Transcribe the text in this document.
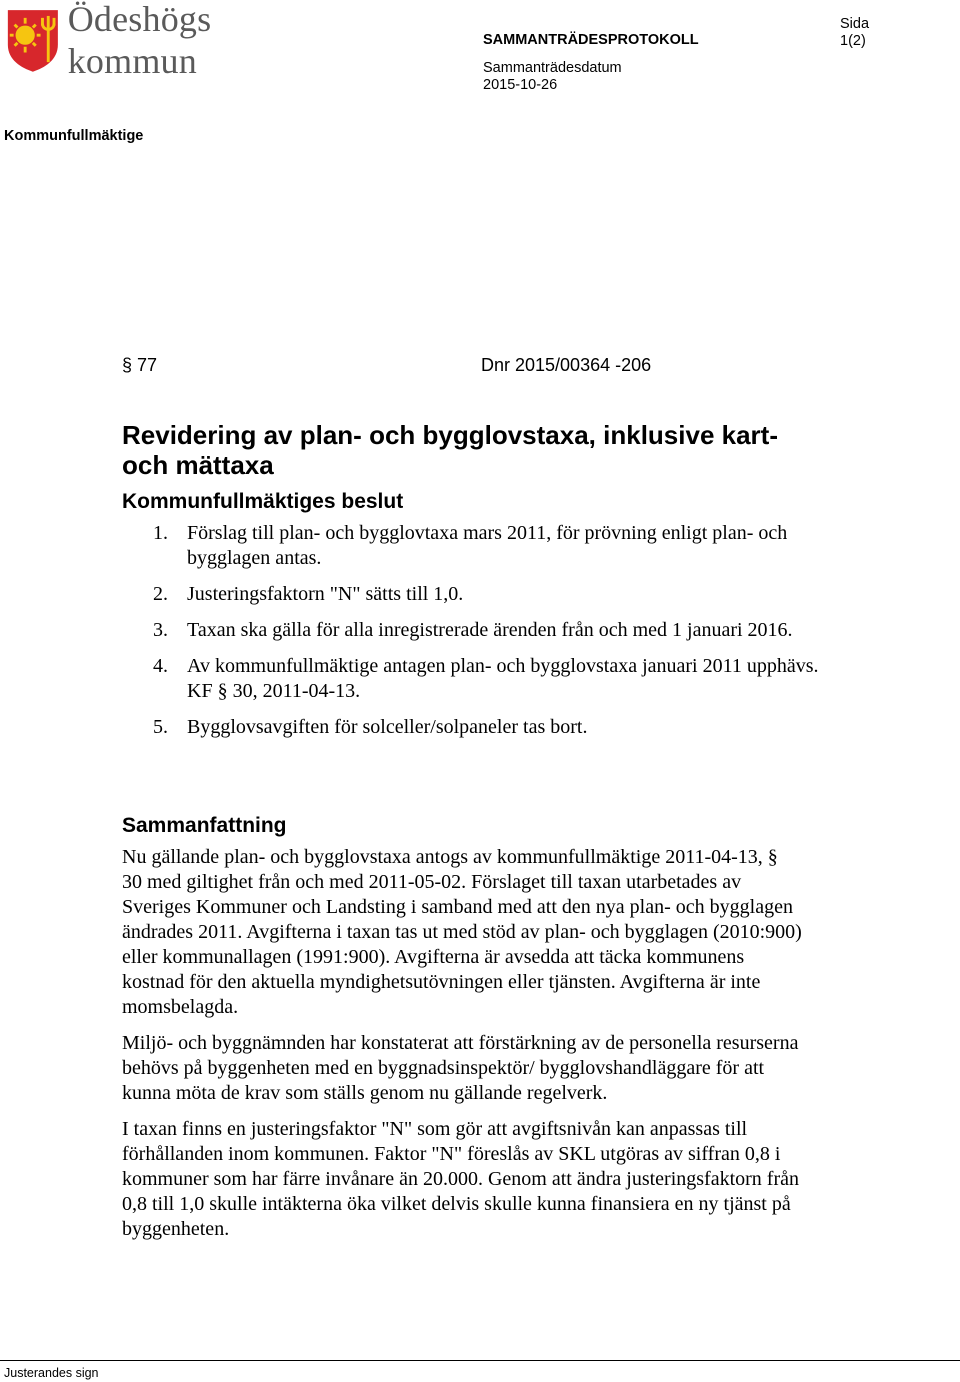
Ödeshögs kommun
SAMMANTRÄDESPROTOKOLL
Sida
1(2)
Sammanträdesdatum
2015-10-26
Kommunfullmäktige
§ 77	Dnr 2015/00364 -206
Revidering av plan- och bygglovstaxa, inklusive kart- och mättaxa
Kommunfullmäktiges beslut
1. Förslag till plan- och bygglovtaxa mars 2011, för prövning enligt plan- och bygglagen antas.
2. Justeringsfaktorn "N" sätts till 1,0.
3. Taxan ska gälla för alla inregistrerade ärenden från och med 1 januari 2016.
4. Av kommunfullmäktige antagen plan- och bygglovstaxa januari 2011 upphävs. KF § 30, 2011-04-13.
5. Bygglovsavgiften för solceller/solpaneler tas bort.
Sammanfattning

Nu gällande plan- och bygglovstaxa antogs av kommunfullmäktige 2011-04-13, § 30 med giltighet från och med 2011-05-02. Förslaget till taxan utarbetades av Sveriges Kommuner och Landsting i samband med att den nya plan- och bygglagen ändrades 2011. Avgifterna i taxan tas ut med stöd av plan- och bygglagen (2010:900) eller kommunallagen (1991:900). Avgifterna är avsedda att täcka kommunens kostnad för den aktuella myndighetsutövningen eller tjänsten. Avgifterna är inte momsbelagda.

Miljö- och byggnämnden har konstaterat att förstärkning av de personella resurserna behövs på byggenheten med en byggnadsinspektör/ bygglovshandläggare för att kunna möta de krav som ställs genom nu gällande regelverk.

I taxan finns en justeringsfaktor "N" som gör att avgiftsnivån kan anpassas till förhållanden inom kommunen. Faktor "N" föreslås av SKL utgöras av siffran 0,8 i kommuner som har färre invånare än 20.000. Genom att ändra justeringsfaktorn från 0,8 till 1,0 skulle intäkterna öka vilket delvis skulle kunna finansiera en ny tjänst på byggenheten.

Justerandes sign
